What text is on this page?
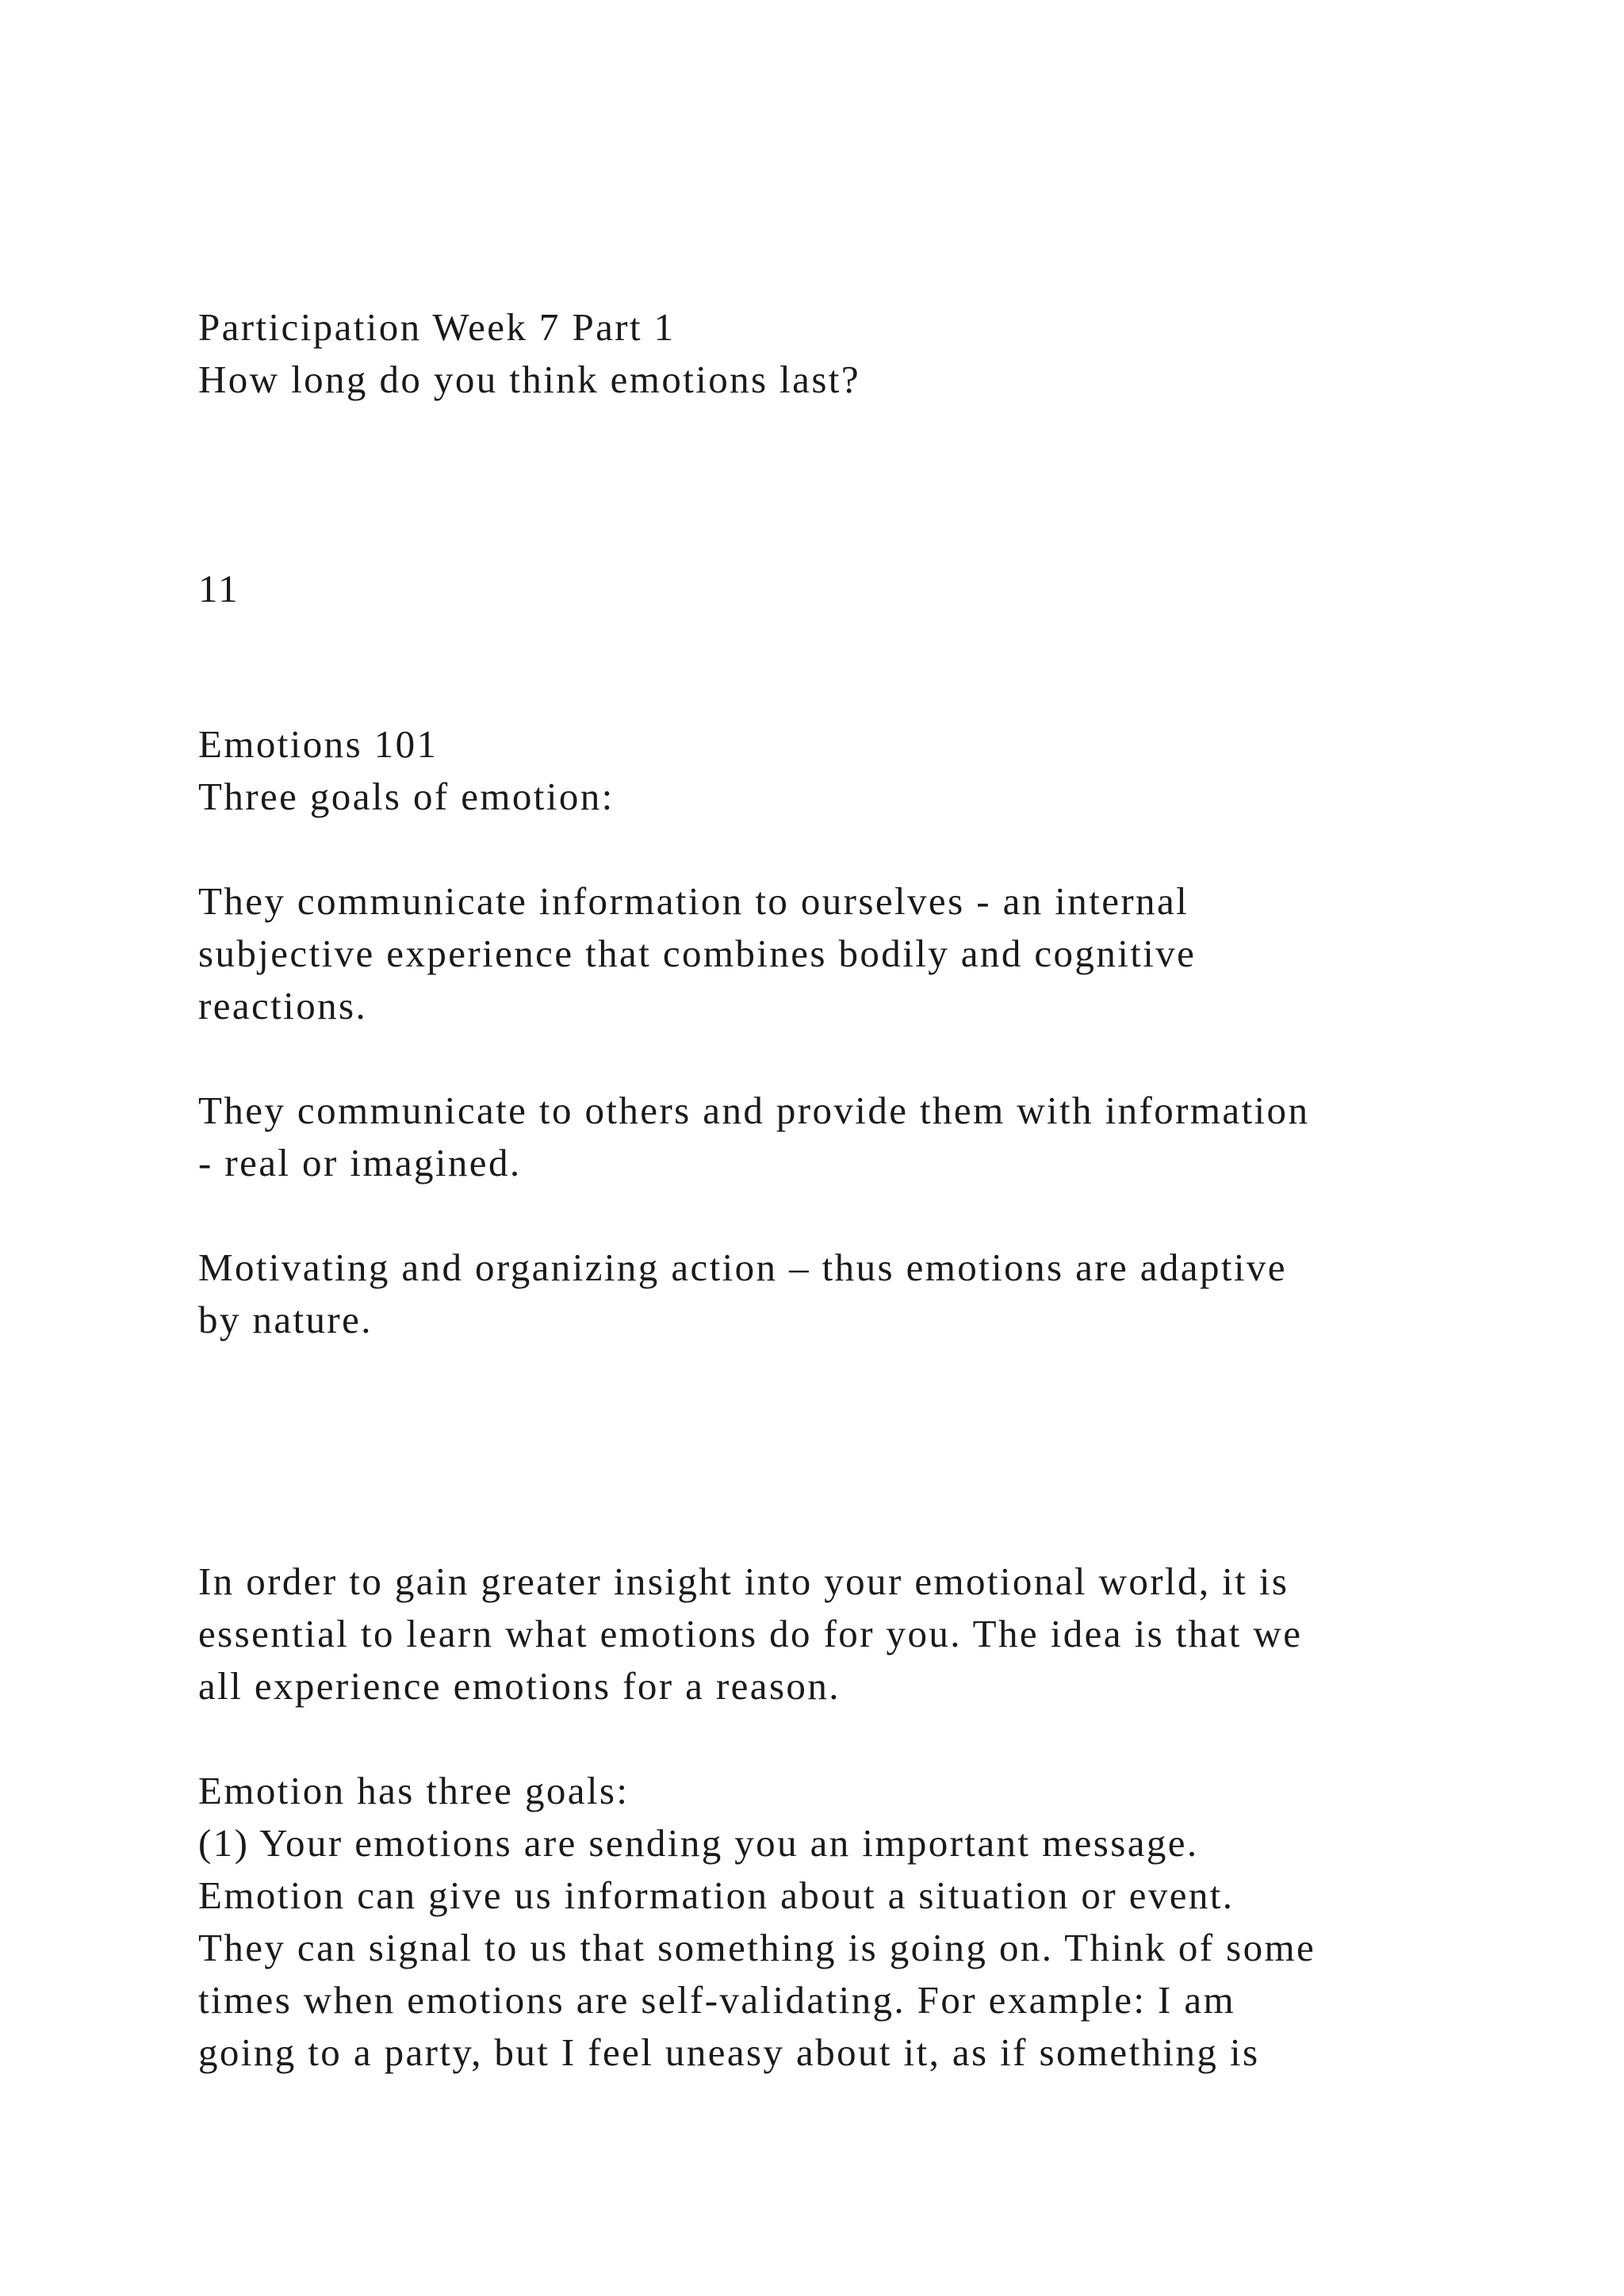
Participation Week 7 Part 1

How long do you think emotions last?

11

Emotions 101

Three goals of emotion:

They communicate information to ourselves - an internal

subjective experience that combines bodily and cognitive

reactions.

They communicate to others and provide them with information

- real or imagined.

Motivating and organizing action – thus emotions are adaptive

by nature.

In order to gain greater insight into your emotional world, it is

essential to learn what emotions do for you. The idea is that we

all experience emotions for a reason.

Emotion has three goals:

(1) Your emotions are sending you an important message.

Emotion can give us information about a situation or event.

They can signal to us that something is going on. Think of some

times when emotions are self-validating. For example: I am

going to a party, but I feel uneasy about it, as if something is
